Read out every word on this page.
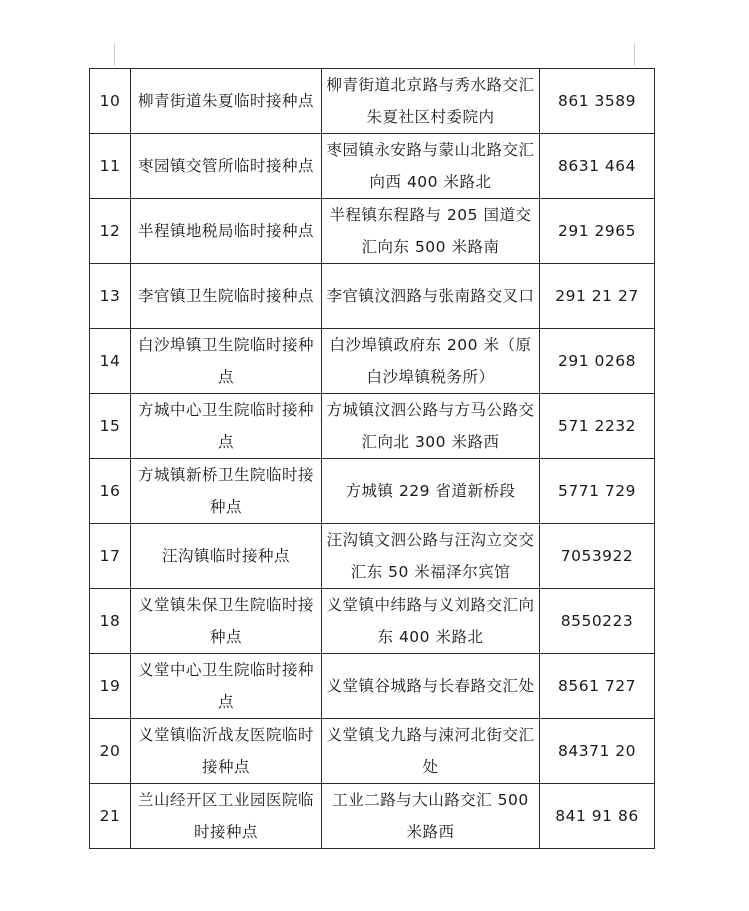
10	柳青街道朱夏临时接种点	柳青街道北京路与秀水路交汇朱夏社区村委院内	861 3589
11	枣园镇交管所临时接种点	枣园镇永安路与蒙山北路交汇向西 400 米路北	8631 464
12	半程镇地税局临时接种点	半程镇东程路与 205 国道交汇向东 500 米路南	291 2965
13	李官镇卫生院临时接种点	李官镇汶泗路与张南路交叉口	291 21 27
14	白沙埠镇卫生院临时接种点	白沙埠镇政府东 200 米（原白沙埠镇税务所）	291 0268
15	方城中心卫生院临时接种点	方城镇汶泗公路与方马公路交汇向北 300 米路西	571 2232
16	方城镇新桥卫生院临时接种点	方城镇 229 省道新桥段	5771 729
17	汪沟镇临时接种点	汪沟镇文泗公路与汪沟立交交汇东 50 米福泽尔宾馆	7053922
18	义堂镇朱保卫生院临时接种点	义堂镇中纬路与义刘路交汇向东 400 米路北	8550223
19	义堂中心卫生院临时接种点	义堂镇谷城路与长春路交汇处	8561 727
20	义堂镇临沂战友医院临时接种点	义堂镇戈九路与涑河北街交汇处	84371 20
21	兰山经开区工业园医院临时接种点	工业二路与大山路交汇 500 米路西	841 91 86
